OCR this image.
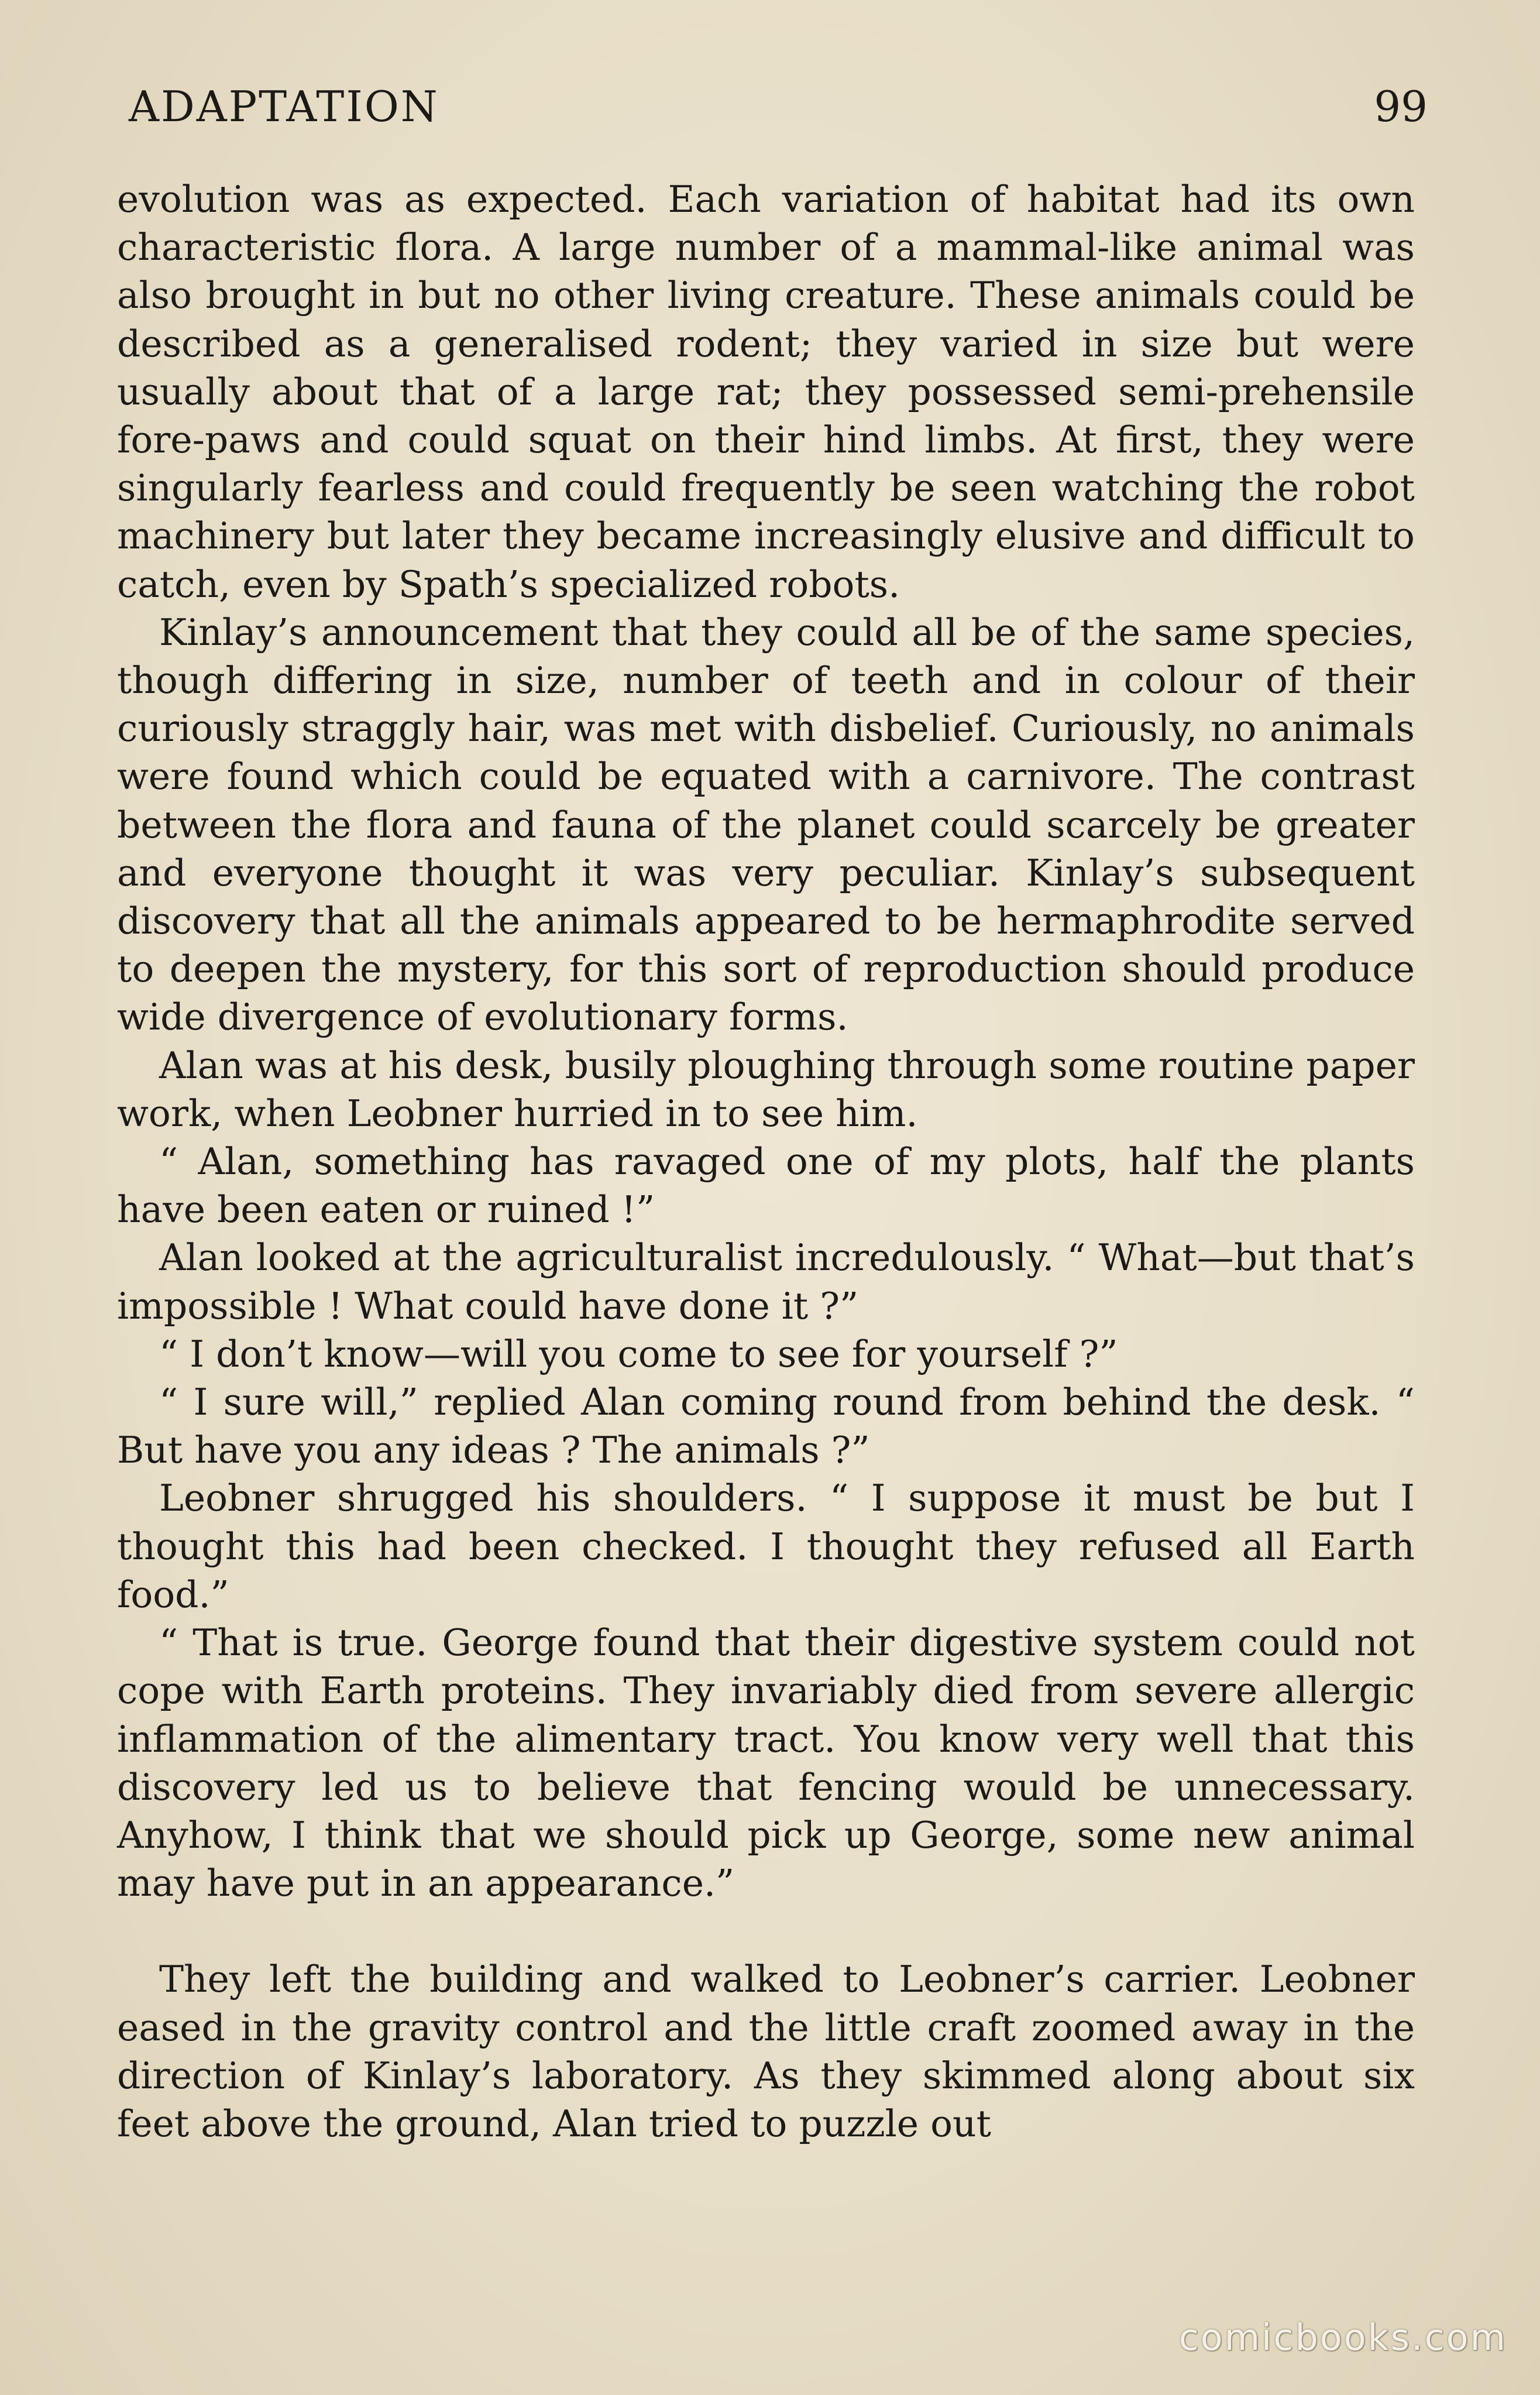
ADAPTATION	99

evolution was as expected. Each variation of habitat had its own characteristic flora. A large number of a mammal-like animal was also brought in but no other living creature. These animals could be described as a generalised rodent; they varied in size but were usually about that of a large rat; they possessed semi-prehensile fore-paws and could squat on their hind limbs. At first, they were singularly fearless and could frequently be seen watching the robot machinery but later they became increasingly elusive and difficult to catch, even by Spath’s specialized robots.

Kinlay’s announcement that they could all be of the same species, though differing in size, number of teeth and in colour of their curiously straggly hair, was met with disbelief. Curiously, no animals were found which could be equated with a carnivore. The contrast between the flora and fauna of the planet could scarcely be greater and everyone thought it was very peculiar. Kinlay’s subsequent discovery that all the animals appeared to be hermaphrodite served to deepen the mystery, for this sort of reproduction should produce wide divergence of evolutionary forms.

Alan was at his desk, busily ploughing through some routine paper work, when Leobner hurried in to see him.

“ Alan, something has ravaged one of my plots, half the plants have been eaten or ruined !”

Alan looked at the agriculturalist incredulously. “ What—but that’s impossible ! What could have done it ?”

“ I don’t know—will you come to see for yourself ?”

“ I sure will,” replied Alan coming round from behind the desk. “ But have you any ideas ? The animals ?”

Leobner shrugged his shoulders. “ I suppose it must be but I thought this had been checked. I thought they refused all Earth food.”

“ That is true. George found that their digestive system could not cope with Earth proteins. They invariably died from severe allergic inflammation of the alimentary tract. You know very well that this discovery led us to believe that fencing would be unnecessary. Anyhow, I think that we should pick up George, some new animal may have put in an appearance.”

They left the building and walked to Leobner’s carrier. Leobner eased in the gravity control and the little craft zoomed away in the direction of Kinlay’s laboratory. As they skimmed along about six feet above the ground, Alan tried to puzzle out

comicbooks.com
